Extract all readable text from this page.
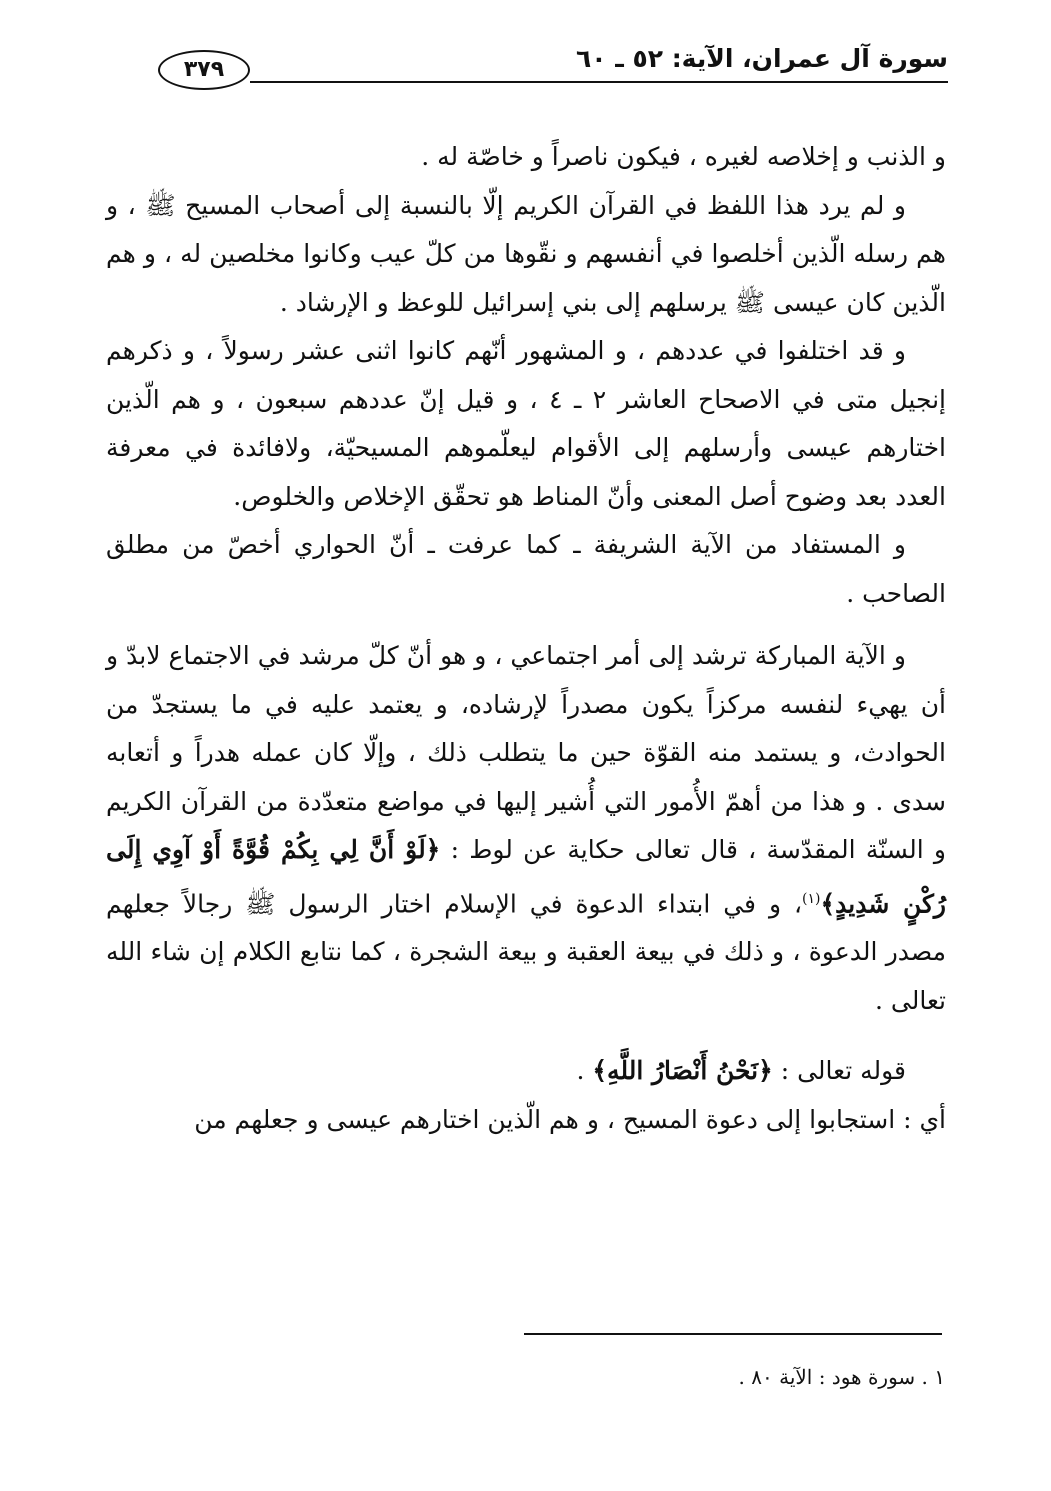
سورة آل عمران، الآية: ٥٢ ـ ٦٠
٣٧٩

و الذنب و إخلاصه لغيره ، فيكون ناصراً و خاصّة له .

و لم يرد هذا اللفظ في القرآن الكريم إلّا بالنسبة إلى أصحاب المسيح ﷺ ، و هم رسله الّذين أخلصوا في أنفسهم و نقّوها من كلّ عيب وكانوا مخلصين له ، و هم الّذين كان عيسى ﷺ يرسلهم إلى بني إسرائيل للوعظ و الإرشاد .

و قد اختلفوا في عددهم ، و المشهور أنّهم كانوا اثنى عشر رسولاً ، و ذكرهم إنجيل متى في الاصحاح العاشر ٢ ـ ٤ ، و قيل إنّ عددهم سبعون ، و هم الّذين اختارهم عيسى وأرسلهم إلى الأقوام ليعلّموهم المسيحيّة، ولافائدة في معرفة العدد بعد وضوح أصل المعنى وأنّ المناط هو تحقّق الإخلاص والخلوص.

و المستفاد من الآية الشريفة ـ كما عرفت ـ أنّ الحواري أخصّ من مطلق الصاحب .

و الآية المباركة ترشد إلى أمر اجتماعي ، و هو أنّ كلّ مرشد في الاجتماع لابدّ و أن يهيء لنفسه مركزاً يكون مصدراً لإرشاده، و يعتمد عليه في ما يستجدّ من الحوادث، و يستمد منه القوّة حين ما يتطلب ذلك ، وإلّا كان عمله هدراً و أتعابه سدى . و هذا من أهمّ الأُمور التي أُشير إليها في مواضع متعدّدة من القرآن الكريم و السنّة المقدّسة ، قال تعالى حكاية عن لوط : ﴿لَوْ أَنَّ لِي بِكُمْ قُوَّةً أَوْ آوِي إِلَى رُكْنٍ شَدِيدٍ﴾$^{(١)}$، و في ابتداء الدعوة في الإسلام اختار الرسول ﷺ رجالاً جعلهم مصدر الدعوة ، و ذلك في بيعة العقبة و بيعة الشجرة ، كما نتابع الكلام إن شاء الله تعالى .

قوله تعالى : ﴿نَحْنُ أَنْصَارُ اللَّهِ﴾ .

أي : استجابوا إلى دعوة المسيح ، و هم الّذين اختارهم عيسى و جعلهم من

١ . سورة هود : الآية ٨٠ .
